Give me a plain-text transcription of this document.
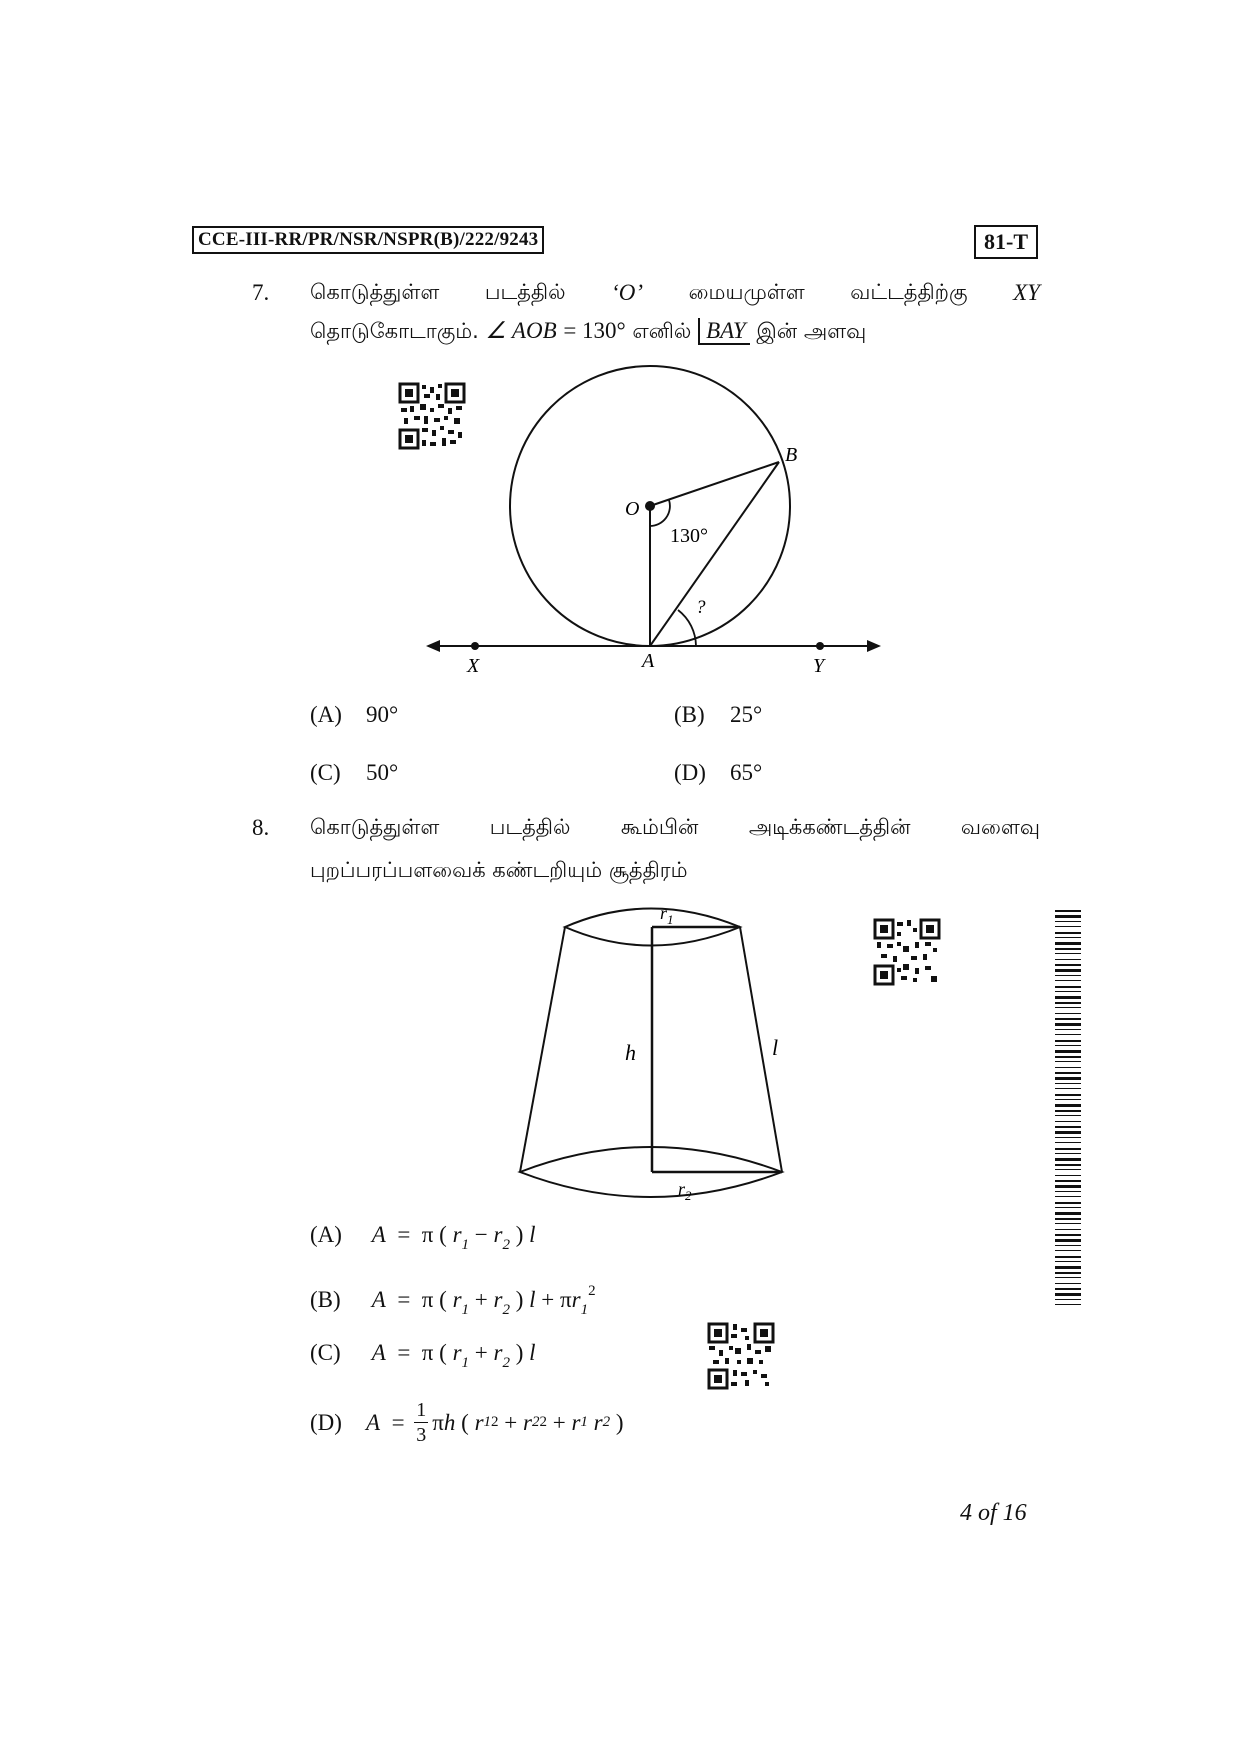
CCE-III-RR/PR/NSR/NSPR(B)/222/9243	81-T
7. கொடுத்துள்ள படத்தில் ‘O’ மையமுள்ள வட்டத்திற்கு XY
தொடுகோடாகும். ∠ AOB = 130° எனில் BAY இன் அளவு
O
B
130°
?
X	A	Y
(A) 90°	(B) 25°
(C) 50°	(D) 65°
8. கொடுத்துள்ள படத்தில் கூம்பின் அடிக்கண்டத்தின் வளைவு
புறப்பரப்பளவைக் கண்டறியும் சூத்திரம்
$r_1$
h	l
$r_2$
(A) A = π ( $r_1 - r_2$ ) l
(B) A = π ( $r_1 + r_2$ ) $l + \pi r_1^2$
(C) A = π ( $r_1 + r_2$ ) l
(D)	A
=
$\frac{1}{3}$ π h
(
r 1 2
+
r 2 2
+
r 1
r 2
)
4 of 16
